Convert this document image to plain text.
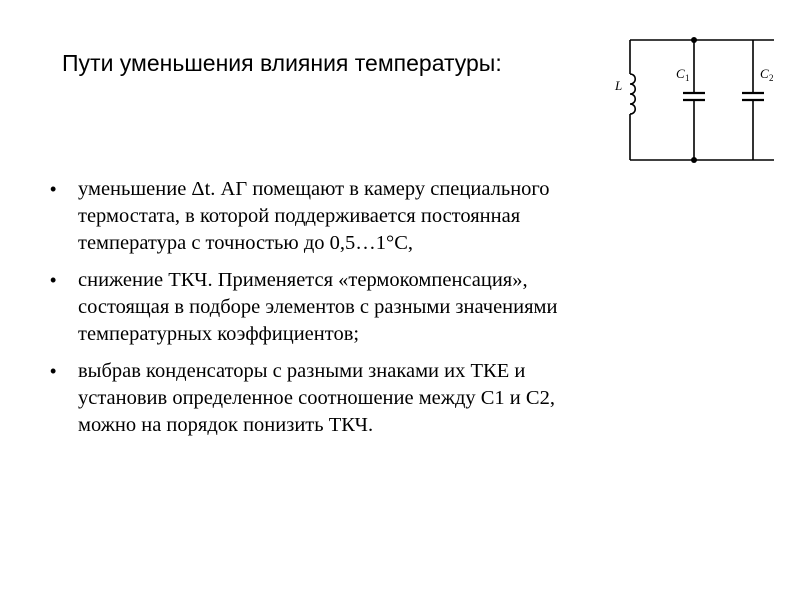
Пути уменьшения влияния температуры:
L
C 1	C 2
• уменьшение Δt. АГ помещают в камеру специального
термостата, в которой поддерживается постоянная
температура с точностью до 0,5…1°С,
• снижение ТКЧ. Применяется «термокомпенсация»,
состоящая в подборе элементов с разными значениями
температурных коэффициентов;
• выбрав конденсаторы с разными знаками их ТКЕ и
установив определенное соотношение между С1 и С2,
можно на порядок понизить ТКЧ.
